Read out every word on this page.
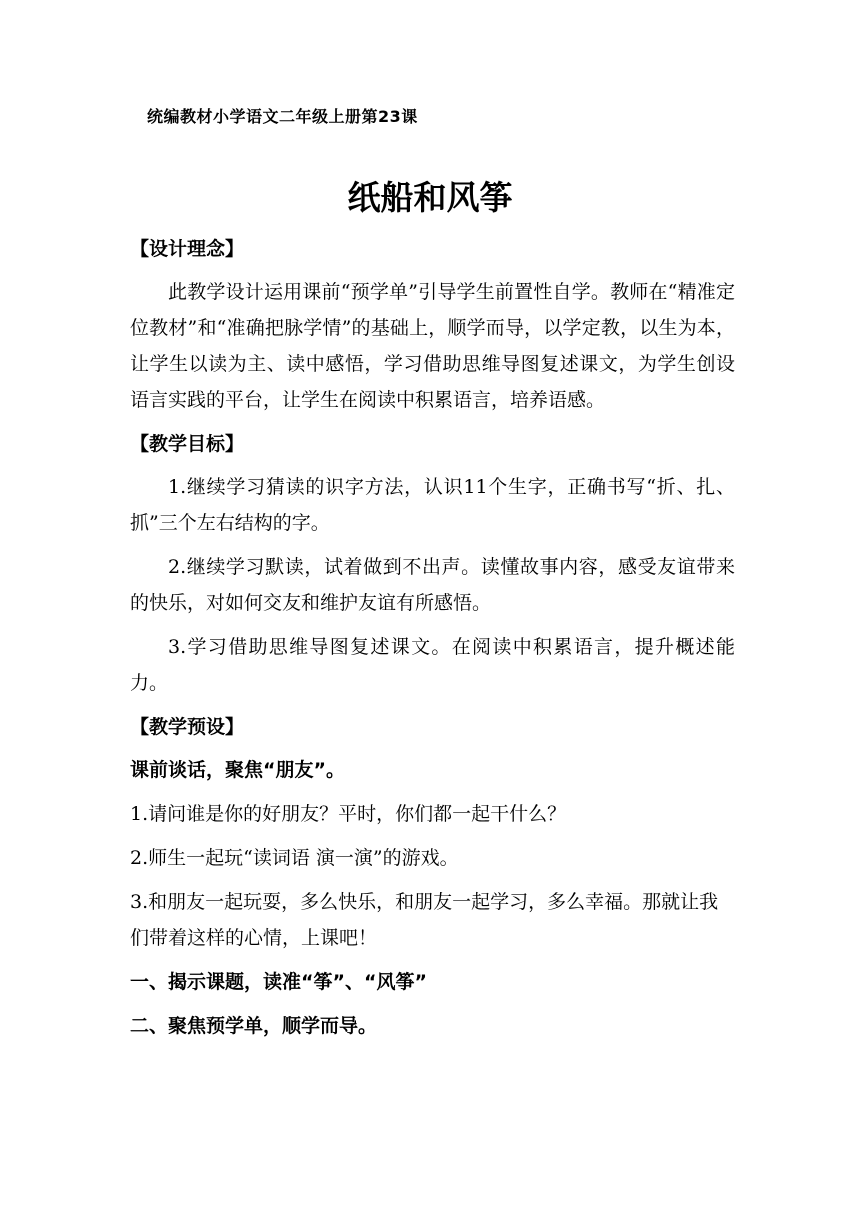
统编教材小学语文二年级上册第23课
纸船和风筝

【设计理念】

此教学设计运用课前“预学单”引导学生前置性自学。教师在“精准定位教材”和“准确把脉学情”的基础上，顺学而导，以学定教，以生为本，让学生以读为主、读中感悟，学习借助思维导图复述课文，为学生创设语言实践的平台，让学生在阅读中积累语言，培养语感。

【教学目标】

1.继续学习猜读的识字方法，认识11个生字，正确书写“折、扎、抓”三个左右结构的字。

2.继续学习默读，试着做到不出声。读懂故事内容，感受友谊带来的快乐，对如何交友和维护友谊有所感悟。

3.学习借助思维导图复述课文。在阅读中积累语言，提升概述能力。

【教学预设】

课前谈话，聚焦“朋友”。

1.请问谁是你的好朋友？平时，你们都一起干什么？

2.师生一起玩“读词语 演一演”的游戏。

3.和朋友一起玩耍，多么快乐，和朋友一起学习，多么幸福。那就让我们带着这样的心情，上课吧！

一、揭示课题，读准“筝”、“风筝”

二、聚焦预学单，顺学而导。
